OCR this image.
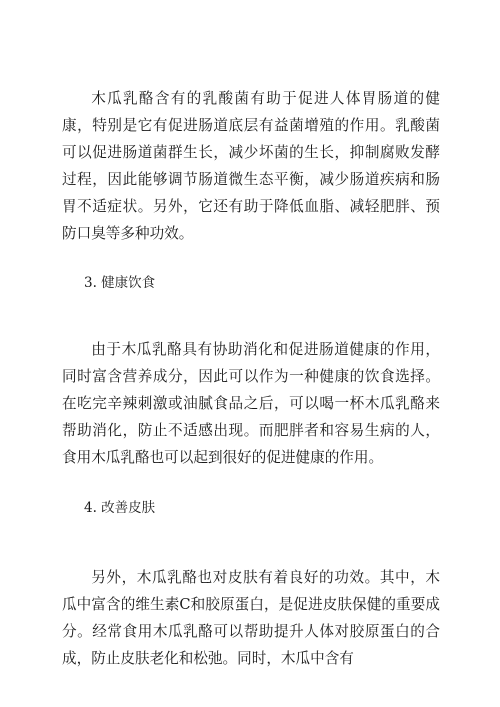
木瓜乳酪含有的乳酸菌有助于促进人体胃肠道的健康，特别是它有促进肠道底层有益菌增殖的作用。乳酸菌可以促进肠道菌群生长，减少坏菌的生长，抑制腐败发酵过程，因此能够调节肠道微生态平衡，减少肠道疾病和肠胃不适症状。另外，它还有助于降低血脂、减轻肥胖、预防口臭等多种功效。

3. 健康饮食

由于木瓜乳酪具有协助消化和促进肠道健康的作用，同时富含营养成分，因此可以作为一种健康的饮食选择。在吃完辛辣刺激或油腻食品之后，可以喝一杯木瓜乳酪来帮助消化，防止不适感出现。而肥胖者和容易生病的人，食用木瓜乳酪也可以起到很好的促进健康的作用。

4. 改善皮肤

另外，木瓜乳酪也对皮肤有着良好的功效。其中，木瓜中富含的维生素C和胶原蛋白，是促进皮肤保健的重要成分。经常食用木瓜乳酪可以帮助提升人体对胶原蛋白的合成，防止皮肤老化和松弛。同时，木瓜中含有
